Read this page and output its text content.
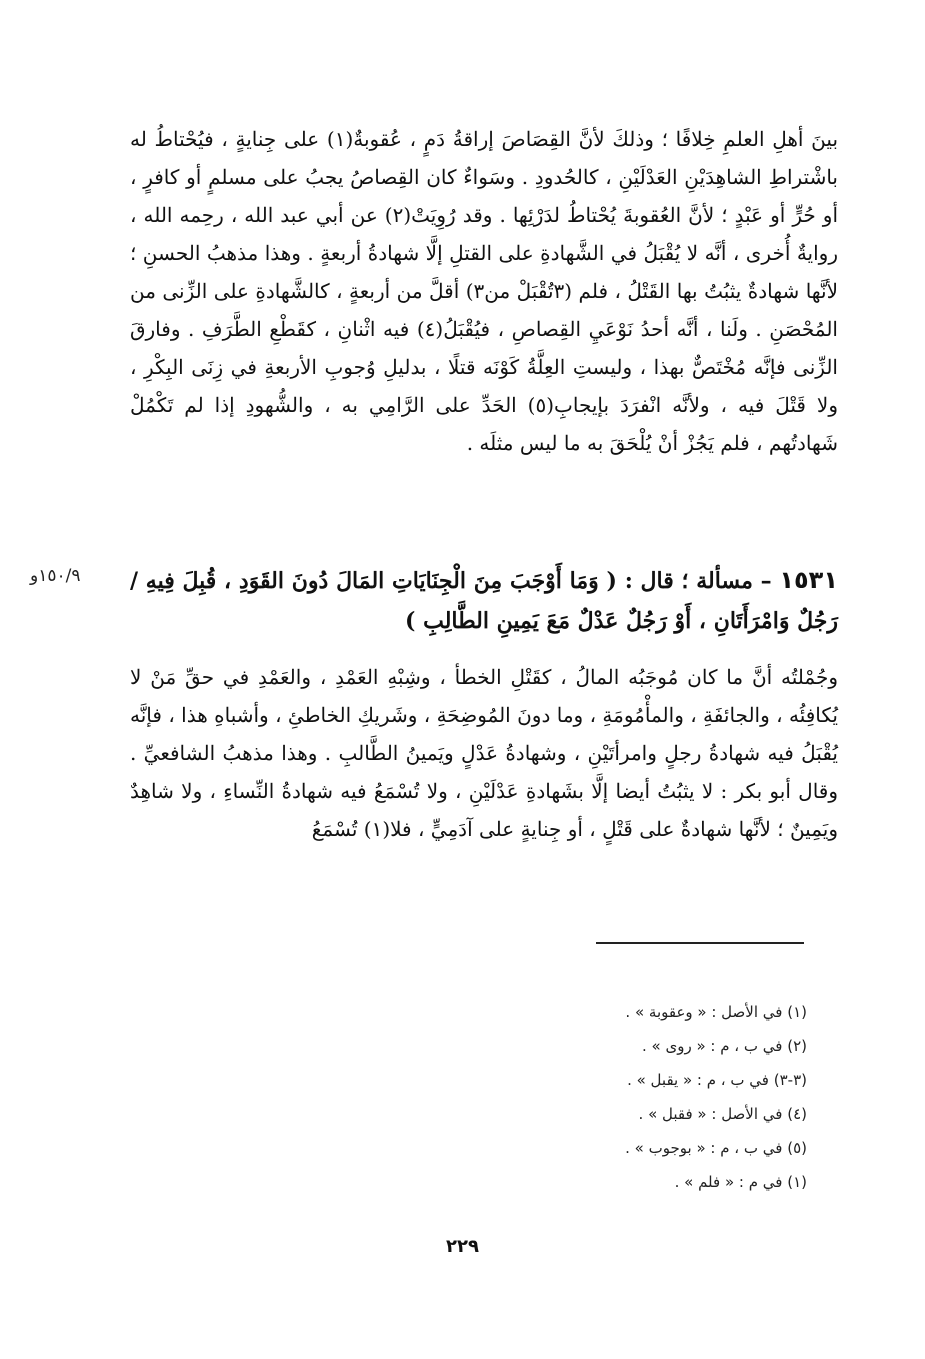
بينَ أهلِ العلمِ خِلافًا ؛ وذلكَ لأنَّ القِصَاصَ إراقةُ دَمٍ ، عُقوبةٌ(١) على جِنايةٍ ، فيُحْتاطُ له باشْتراطِ الشاهِدَيْنِ العَدْلَيْنِ ، كالحُدودِ . وسَواءٌ كان القِصاصُ يجبُ على مسلمٍ أو كافرٍ ، أو حُرٍّ أو عَبْدٍ ؛ لأنَّ العُقوبةَ يُحْتاطُ لدَرْئِها . وقد رُوِيَتْ(٢) عن أبي عبد الله ، رحِمه الله ، روايةٌ أُخرى ، أنَّه لا يُقْبَلُ في الشَّهادةِ على القتلِ إلَّا شهادةُ أربعةٍ . وهذا مذهبُ الحسنِ ؛ لأنَّها شهادةٌ يثبُتُ بها القَتْلُ ، فلم (٣تُقْبَلْ من٣) أقلَّ من أربعةٍ ، كالشَّهادةِ على الزِّنى من المُحْصَنِ . ولَنا ، أنَّه أحدُ نَوْعَيِ القِصاصِ ، فيُقْبَلُ(٤) فيه اثْنانِ ، كقَطْعِ الطَّرَفِ . وفارقَ الزِّنى فإنَّه مُخْتَصٌّ بهذا ، وليستِ العِلَّةُ كَوْنَه قتلًا ، بدليلِ وُجوبِ الأربعةِ في زِنَى البِكْرِ ، ولا قَتْلَ فيه ، ولأنَّه انْفرَدَ بإيجابِ(٥) الحَدِّ على الرَّامِي به ، والشُّهودِ إذا لم تَكْمُلْ شَهادتُهم ، فلم يَجُزْ أنْ يُلْحَقَ به ما ليس مثلَه .
١٥٣١ – مسألة ؛ قال : ( وَمَا أَوْجَبَ مِنَ الْجِنَايَاتِ المَالَ دُونَ القَوَدِ ، قُبِلَ فِيهِ / رَجُلٌ وَامْرَأَتَانِ ، أَوْ رَجُلٌ عَدْلٌ مَعَ يَمِينِ الطَّالِبِ )
١٥٠/٩و
وجُمْلتُه أنَّ ما كان مُوجَبُه المالُ ، كقَتْلِ الخطأ ، وشِبْهِ العَمْدِ ، والعَمْدِ في حقِّ مَنْ لا يُكافِئُه ، والجائفَةِ ، والمأْمُومَةِ ، وما دونَ المُوضِحَةِ ، وشَريكِ الخاطئِ ، وأشباهِ هذا ، فإنَّه يُقْبَلُ فيه شهادةُ رجلٍ وامرأتَيْنِ ، وشهادةُ عَدْلٍ ويَمينُ الطَّالبِ . وهذا مذهبُ الشافعيِّ . وقال أبو بكر : لا يثبُتُ أيضا إلَّا بشَهادةِ عَدْلَيْنِ ، ولا تُسْمَعُ فيه شهادةُ النِّساءِ ، ولا شاهِدٌ ويَمِينٌ ؛ لأنَّها شهادةٌ على قَتْلٍ ، أو جِنايةٍ على آدَمِيٍّ ، فلا(١) تُسْمَعُ
(١) في الأصل : « وعقوبة » .
(٢) في ب ، م : « روى » .
(٣-٣) في ب ، م : « يقبل » .
(٤) في الأصل : « فقبل » .
(٥) في ب ، م : « بوجوب » .
(١) في م : « فلم » .
٢٢٩
